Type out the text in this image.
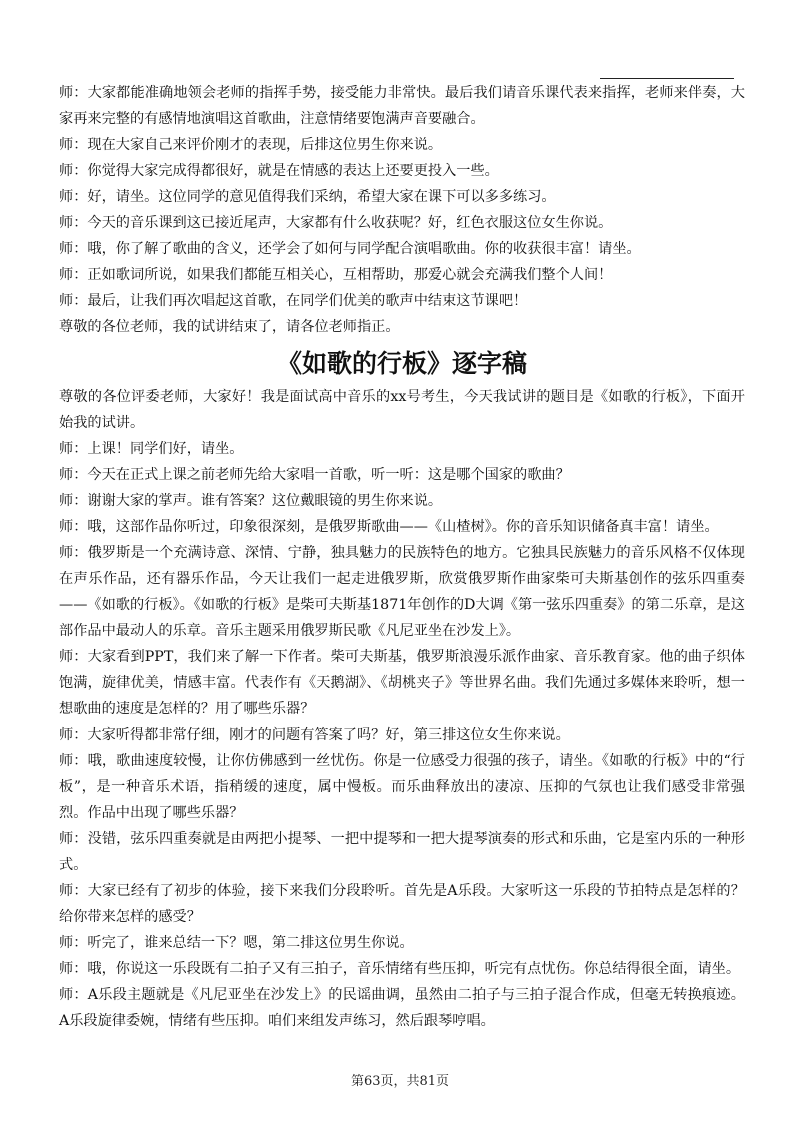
师：大家都能准确地领会老师的指挥手势，接受能力非常快。最后我们请音乐课代表来指挥，老师来伴奏，大家再来完整的有感情地演唱这首歌曲，注意情绪要饱满声音要融合。

师：现在大家自己来评价刚才的表现，后排这位男生你来说。

师：你觉得大家完成得都很好，就是在情感的表达上还要更投入一些。

师：好，请坐。这位同学的意见值得我们采纳，希望大家在课下可以多多练习。

师：今天的音乐课到这已接近尾声，大家都有什么收获呢？好，红色衣服这位女生你说。

师：哦，你了解了歌曲的含义，还学会了如何与同学配合演唱歌曲。你的收获很丰富！请坐。

师：正如歌词所说，如果我们都能互相关心，互相帮助，那爱心就会充满我们整个人间！

师：最后，让我们再次唱起这首歌，在同学们优美的歌声中结束这节课吧！

尊敬的各位老师，我的试讲结束了，请各位老师指正。

《如歌的行板》逐字稿

尊敬的各位评委老师，大家好！我是面试高中音乐的xx号考生，今天我试讲的题目是《如歌的行板》，下面开始我的试讲。

师：上课！同学们好，请坐。

师：今天在正式上课之前老师先给大家唱一首歌，听一听：这是哪个国家的歌曲？

师：谢谢大家的掌声。谁有答案？这位戴眼镜的男生你来说。

师：哦，这部作品你听过，印象很深刻，是俄罗斯歌曲——《山楂树》。你的音乐知识储备真丰富！请坐。

师：俄罗斯是一个充满诗意、深情、宁静，独具魅力的民族特色的地方。它独具民族魅力的音乐风格不仅体现在声乐作品，还有器乐作品，今天让我们一起走进俄罗斯，欣赏俄罗斯作曲家柴可夫斯基创作的弦乐四重奏——《如歌的行板》。《如歌的行板》是柴可夫斯基1871年创作的D大调《第一弦乐四重奏》的第二乐章，是这部作品中最动人的乐章。音乐主题采用俄罗斯民歌《凡尼亚坐在沙发上》。

师：大家看到PPT，我们来了解一下作者。柴可夫斯基，俄罗斯浪漫乐派作曲家、音乐教育家。他的曲子织体饱满，旋律优美，情感丰富。代表作有《天鹅湖》、《胡桃夹子》等世界名曲。我们先通过多媒体来聆听，想一想歌曲的速度是怎样的？用了哪些乐器？

师：大家听得都非常仔细，刚才的问题有答案了吗？好，第三排这位女生你来说。

师：哦，歌曲速度较慢，让你仿佛感到一丝忧伤。你是一位感受力很强的孩子，请坐。《如歌的行板》中的“行板”，是一种音乐术语，指稍缓的速度，属中慢板。而乐曲释放出的凄凉、压抑的气氛也让我们感受非常强烈。作品中出现了哪些乐器？

师：没错，弦乐四重奏就是由两把小提琴、一把中提琴和一把大提琴演奏的形式和乐曲，它是室内乐的一种形式。

师：大家已经有了初步的体验，接下来我们分段聆听。首先是A乐段。大家听这一乐段的节拍特点是怎样的？给你带来怎样的感受？

师：听完了，谁来总结一下？嗯，第二排这位男生你说。

师：哦，你说这一乐段既有二拍子又有三拍子，音乐情绪有些压抑，听完有点忧伤。你总结得很全面，请坐。

师：A乐段主题就是《凡尼亚坐在沙发上》的民谣曲调，虽然由二拍子与三拍子混合作成，但毫无转换痕迹。A乐段旋律委婉，情绪有些压抑。咱们来组发声练习，然后跟琴哼唱。

第63页，共81页
